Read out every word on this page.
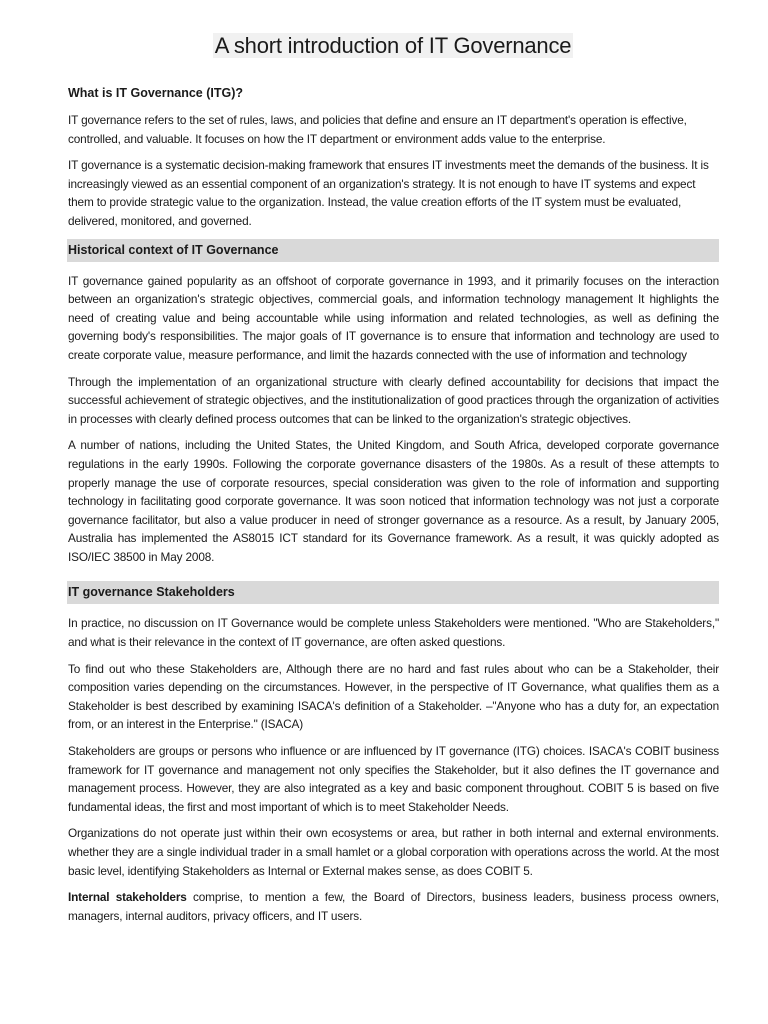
A short introduction of IT Governance
What is IT Governance (ITG)?

IT governance refers to the set of rules, laws, and policies that define and ensure an IT department's operation is effective, controlled, and valuable. It focuses on how the IT department or environment adds value to the enterprise.

IT governance is a systematic decision-making framework that ensures IT investments meet the demands of the business. It is increasingly viewed as an essential component of an organization's strategy. It is not enough to have IT systems and expect them to provide strategic value to the organization. Instead, the value creation efforts of the IT system must be evaluated, delivered, monitored, and governed.

Historical context of IT Governance

IT governance gained popularity as an offshoot of corporate governance in 1993, and it primarily focuses on the interaction between an organization's strategic objectives, commercial goals, and information technology management It highlights the need of creating value and being accountable while using information and related technologies, as well as defining the governing body's responsibilities. The major goals of IT governance is to ensure that information and technology are used to create corporate value, measure performance, and limit the hazards connected with the use of information and technology

Through the implementation of an organizational structure with clearly defined accountability for decisions that impact the successful achievement of strategic objectives, and the institutionalization of good practices through the organization of activities in processes with clearly defined process outcomes that can be linked to the organization's strategic objectives.

A number of nations, including the United States, the United Kingdom, and South Africa, developed corporate governance regulations in the early 1990s. Following the corporate governance disasters of the 1980s. As a result of these attempts to properly manage the use of corporate resources, special consideration was given to the role of information and supporting technology in facilitating good corporate governance. It was soon noticed that information technology was not just a corporate governance facilitator, but also a value producer in need of stronger governance as a resource. As a result, by January 2005, Australia has implemented the AS8015 ICT standard for its Governance framework. As a result, it was quickly adopted as ISO/IEC 38500 in May 2008.

IT governance Stakeholders

In practice, no discussion on IT Governance would be complete unless Stakeholders were mentioned. "Who are Stakeholders," and what is their relevance in the context of IT governance, are often asked questions.

To find out who these Stakeholders are, Although there are no hard and fast rules about who can be a Stakeholder, their composition varies depending on the circumstances. However, in the perspective of IT Governance, what qualifies them as a Stakeholder is best described by examining ISACA's definition of a Stakeholder. –"Anyone who has a duty for, an expectation from, or an interest in the Enterprise." (ISACA)

Stakeholders are groups or persons who influence or are influenced by IT governance (ITG) choices. ISACA's COBIT business framework for IT governance and management not only specifies the Stakeholder, but it also defines the IT governance and management process. However, they are also integrated as a key and basic component throughout. COBIT 5 is based on five fundamental ideas, the first and most important of which is to meet Stakeholder Needs.

Organizations do not operate just within their own ecosystems or area, but rather in both internal and external environments. whether they are a single individual trader in a small hamlet or a global corporation with operations across the world. At the most basic level, identifying Stakeholders as Internal or External makes sense, as does COBIT 5.

Internal stakeholders comprise, to mention a few, the Board of Directors, business leaders, business process owners, managers, internal auditors, privacy officers, and IT users.
